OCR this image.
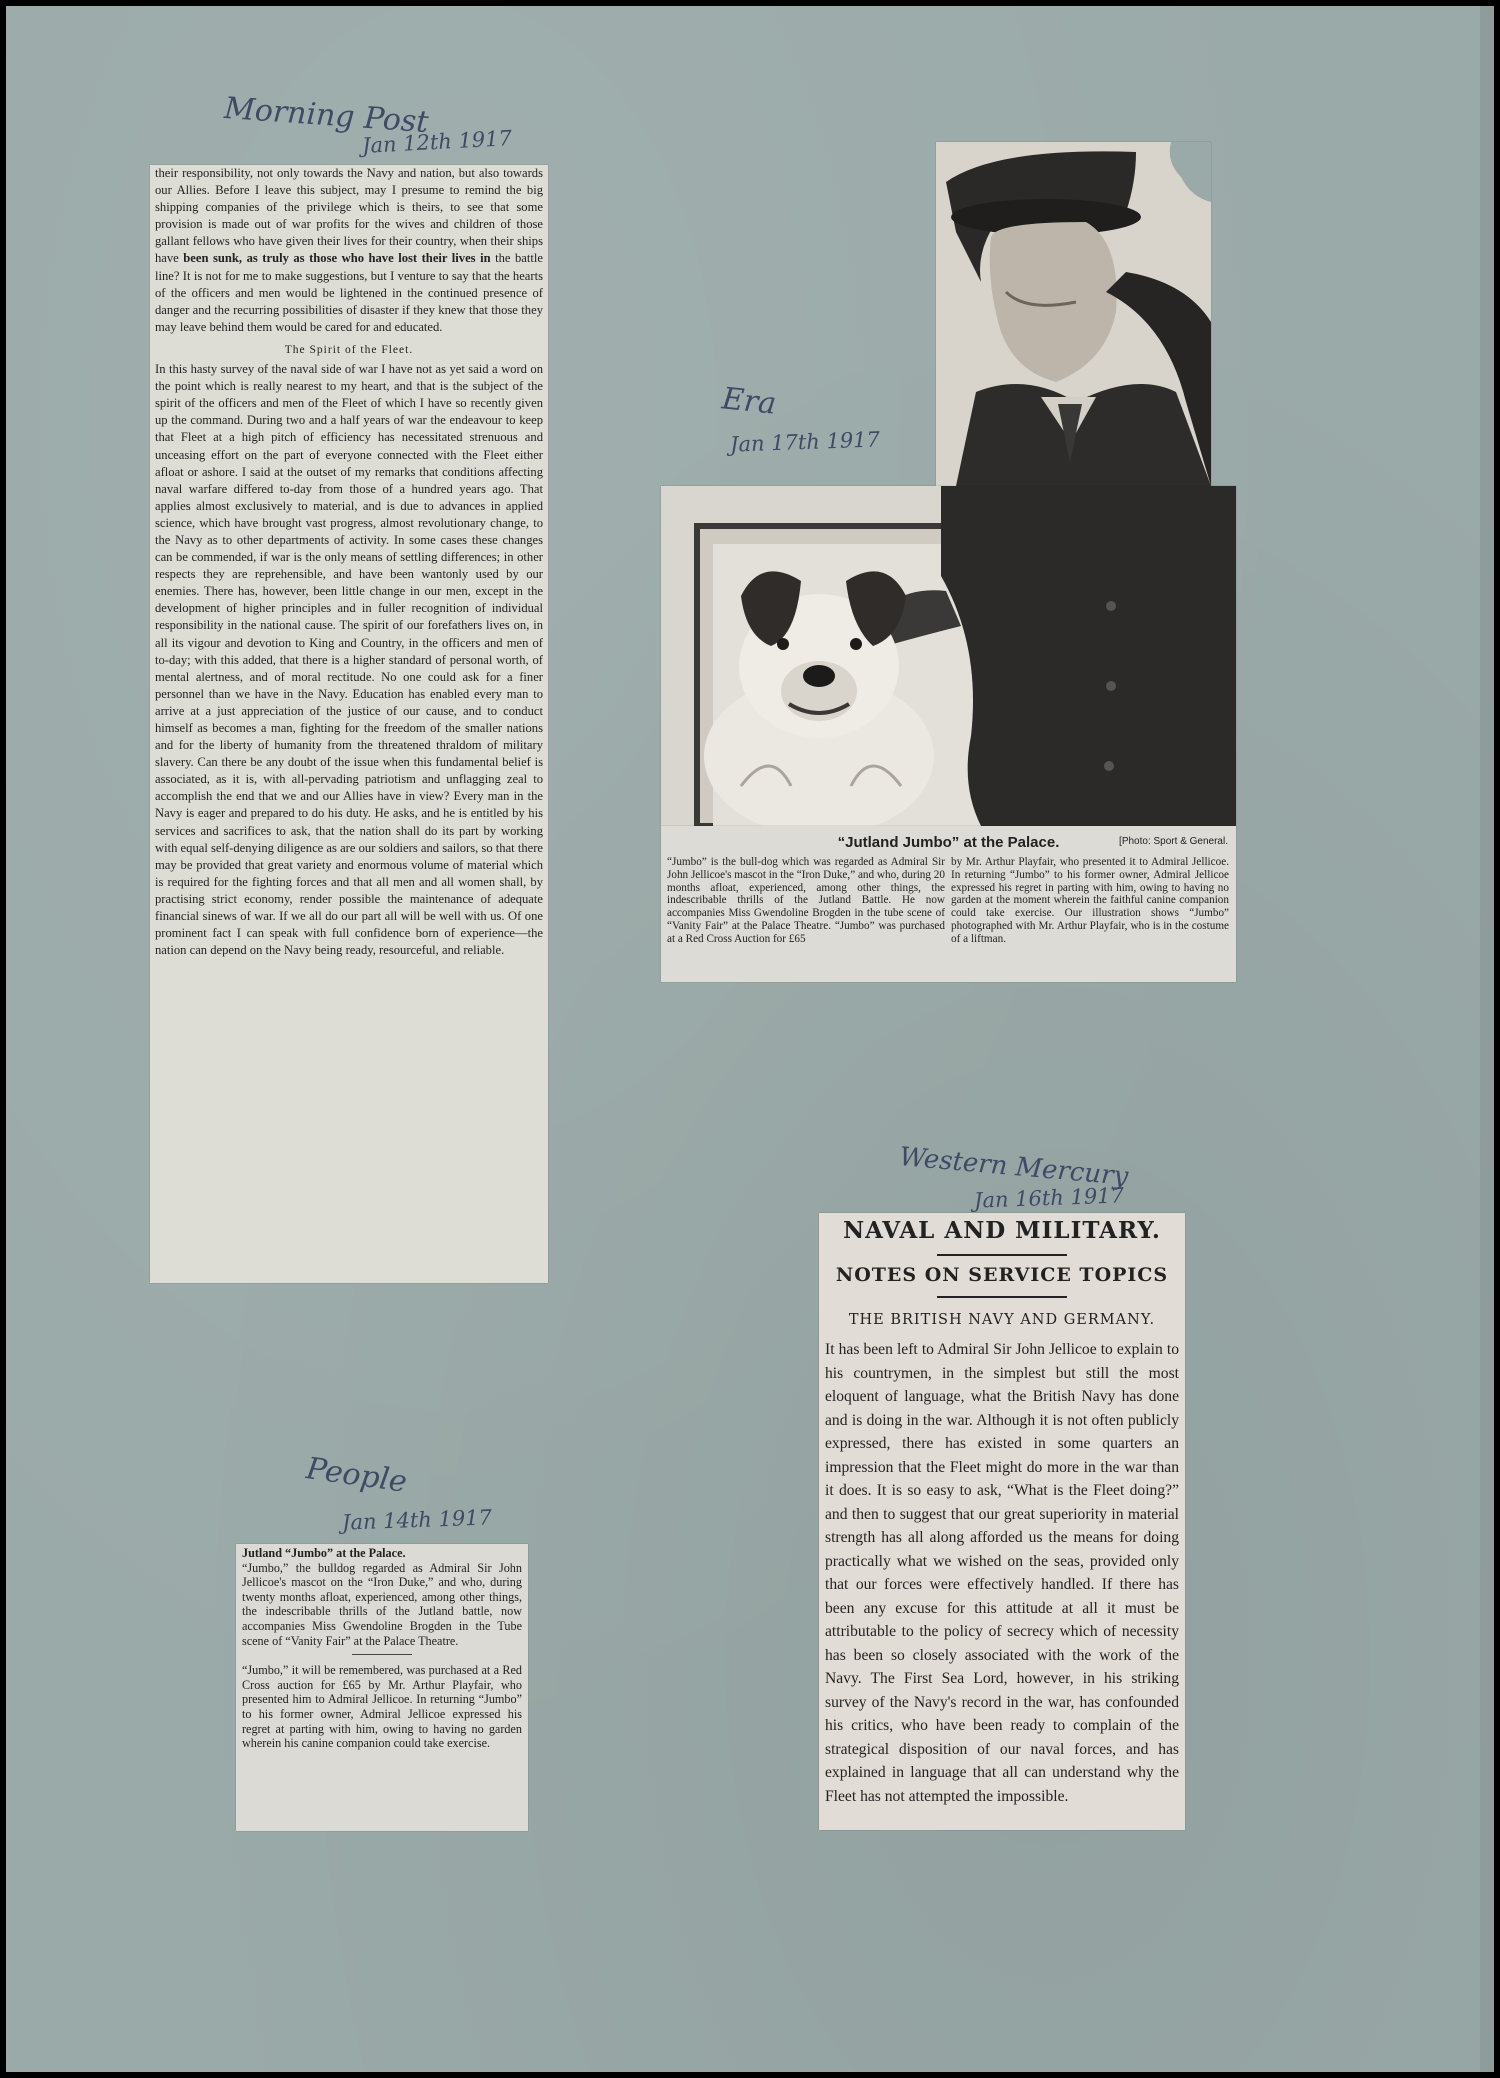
Morning Post
Jan 12th 1917
Era
Jan 17th 1917
Western Mercury
Jan 16th 1917
People
Jan 14th 1917

their responsibility, not only towards the Navy and nation, but also towards our Allies. Before I leave this subject, may I presume to remind the big shipping companies of the privilege which is theirs, to see that some provision is made out of war profits for the wives and children of those gallant fellows who have given their lives for their country, when their ships have been sunk, as truly as those who have lost their lives in the battle line? It is not for me to make suggestions, but I venture to say that the hearts of the officers and men would be lightened in the continued presence of danger and the recurring possibilities of disaster if they knew that those they may leave behind them would be cared for and educated.

The Spirit of the Fleet.

In this hasty survey of the naval side of war I have not as yet said a word on the point which is really nearest to my heart, and that is the subject of the spirit of the officers and men of the Fleet of which I have so recently given up the command. During two and a half years of war the endeavour to keep that Fleet at a high pitch of efficiency has necessitated strenuous and unceasing effort on the part of everyone connected with the Fleet either afloat or ashore. I said at the outset of my remarks that conditions affecting naval warfare differed to-day from those of a hundred years ago. That applies almost exclusively to material, and is due to advances in applied science, which have brought vast progress, almost revolutionary change, to the Navy as to other departments of activity. In some cases these changes can be commended, if war is the only means of settling differences; in other respects they are reprehensible, and have been wantonly used by our enemies. There has, however, been little change in our men, except in the development of higher principles and in fuller recognition of individual responsibility in the national cause. The spirit of our forefathers lives on, in all its vigour and devotion to King and Country, in the officers and men of to-day; with this added, that there is a higher standard of personal worth, of mental alertness, and of moral rectitude. No one could ask for a finer personnel than we have in the Navy. Education has enabled every man to arrive at a just appreciation of the justice of our cause, and to conduct himself as becomes a man, fighting for the freedom of the smaller nations and for the liberty of humanity from the threatened thraldom of military slavery. Can there be any doubt of the issue when this fundamental belief is associated, as it is, with all-pervading patriotism and unflagging zeal to accomplish the end that we and our Allies have in view? Every man in the Navy is eager and prepared to do his duty. He asks, and he is entitled by his services and sacrifices to ask, that the nation shall do its part by working with equal self-denying diligence as are our soldiers and sailors, so that there may be provided that great variety and enormous volume of material which is required for the fighting forces and that all men and all women shall, by practising strict economy, render possible the maintenance of adequate financial sinews of war. If we all do our part all will be well with us. Of one prominent fact I can speak with full confidence born of experience—the nation can depend on the Navy being ready, resourceful, and reliable.

“Jutland Jumbo” at the Palace.	[Photo: Sport & General.
“Jumbo” is the bull-dog which was regarded as Admiral Sir John Jellicoe's mascot in the “Iron Duke,” and who, during 20 months afloat, experienced, among other things, the indescribable thrills of the Jutland Battle. He now accompanies Miss Gwendoline Brogden in the tube scene of “Vanity Fair” at the Palace Theatre. “Jumbo” was purchased at a Red Cross Auction for £65
by Mr. Arthur Playfair, who presented it to Admiral Jellicoe. In returning “Jumbo” to his former owner, Admiral Jellicoe expressed his regret in parting with him, owing to having no garden at the moment wherein the faithful canine companion could take exercise. Our illustration shows “Jumbo” photographed with Mr. Arthur Playfair, who is in the costume of a liftman.
NAVAL AND MILITARY.
NOTES ON SERVICE TOPICS
THE BRITISH NAVY AND GERMANY.
It has been left to Admiral Sir John Jellicoe to explain to his countrymen, in the simplest but still the most eloquent of language, what the British Navy has done and is doing in the war. Although it is not often publicly expressed, there has existed in some quarters an impression that the Fleet might do more in the war than it does. It is so easy to ask, “What is the Fleet doing?” and then to suggest that our great superiority in material strength has all along afforded us the means for doing practically what we wished on the seas, provided only that our forces were effectively handled. If there has been any excuse for this attitude at all it must be attributable to the policy of secrecy which of necessity has been so closely associated with the work of the Navy. The First Sea Lord, however, in his striking survey of the Navy's record in the war, has confounded his critics, who have been ready to complain of the strategical disposition of our naval forces, and has explained in language that all can understand why the Fleet has not attempted the impossible.
Jutland “Jumbo” at the Palace.

“Jumbo,” the bulldog regarded as Admiral Sir John Jellicoe's mascot on the “Iron Duke,” and who, during twenty months afloat, experienced, among other things, the indescribable thrills of the Jutland battle, now accompanies Miss Gwendoline Brogden in the Tube scene of “Vanity Fair” at the Palace Theatre.

“Jumbo,” it will be remembered, was purchased at a Red Cross auction for £65 by Mr. Arthur Playfair, who presented him to Admiral Jellicoe. In returning “Jumbo” to his former owner, Admiral Jellicoe expressed his regret at parting with him, owing to having no garden wherein his canine companion could take exercise.
